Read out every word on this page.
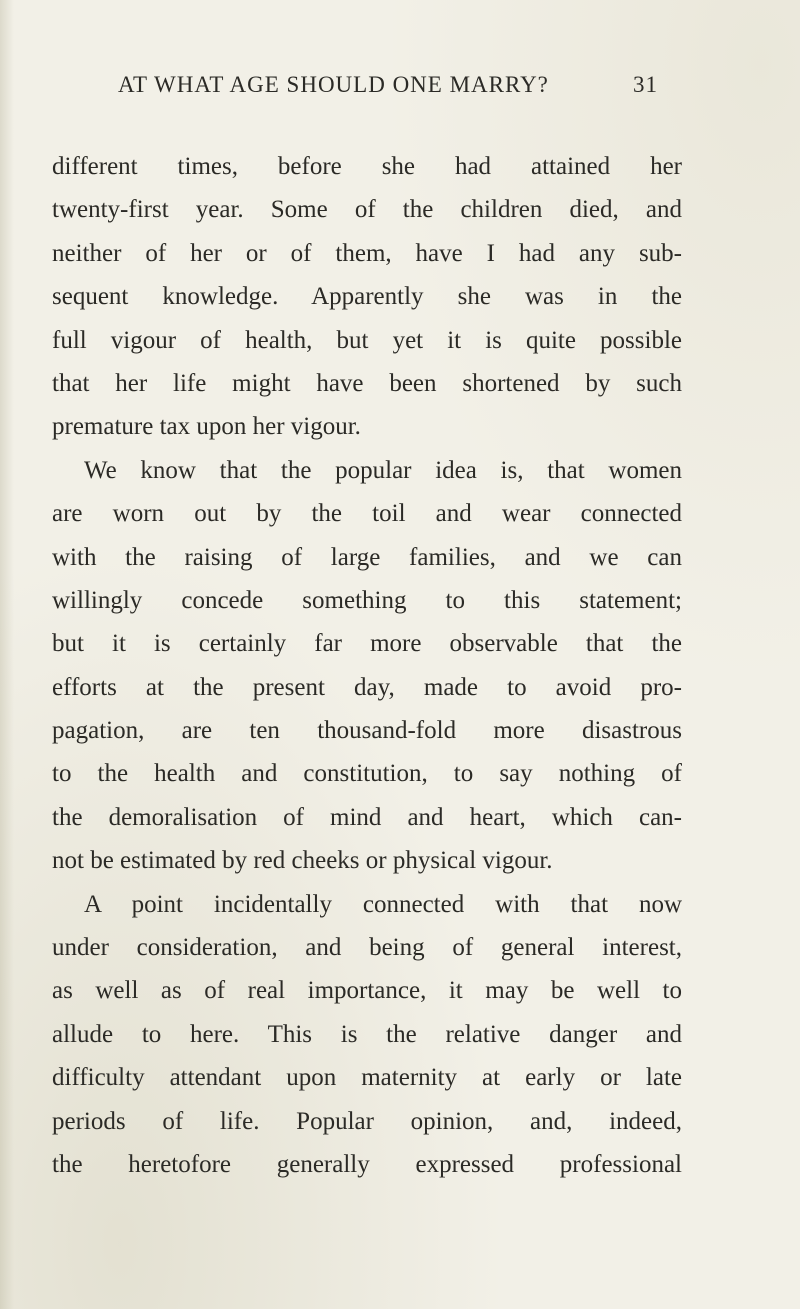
AT WHAT AGE SHOULD ONE MARRY?	31
different times, before she had attained her
twenty-first year. Some of the children died, and
neither of her or of them, have I had any sub-
sequent knowledge. Apparently she was in the
full vigour of health, but yet it is quite possible
that her life might have been shortened by such
premature tax upon her vigour.
We know that the popular idea is, that women
are worn out by the toil and wear connected
with the raising of large families, and we can
willingly concede something to this statement;
but it is certainly far more observable that the
efforts at the present day, made to avoid pro-
pagation, are ten thousand-fold more disastrous
to the health and constitution, to say nothing of
the demoralisation of mind and heart, which can-
not be estimated by red cheeks or physical vigour.
A point incidentally connected with that now
under consideration, and being of general interest,
as well as of real importance, it may be well to
allude to here. This is the relative danger and
difficulty attendant upon maternity at early or late
periods of life. Popular opinion, and, indeed,
the heretofore generally expressed professional
